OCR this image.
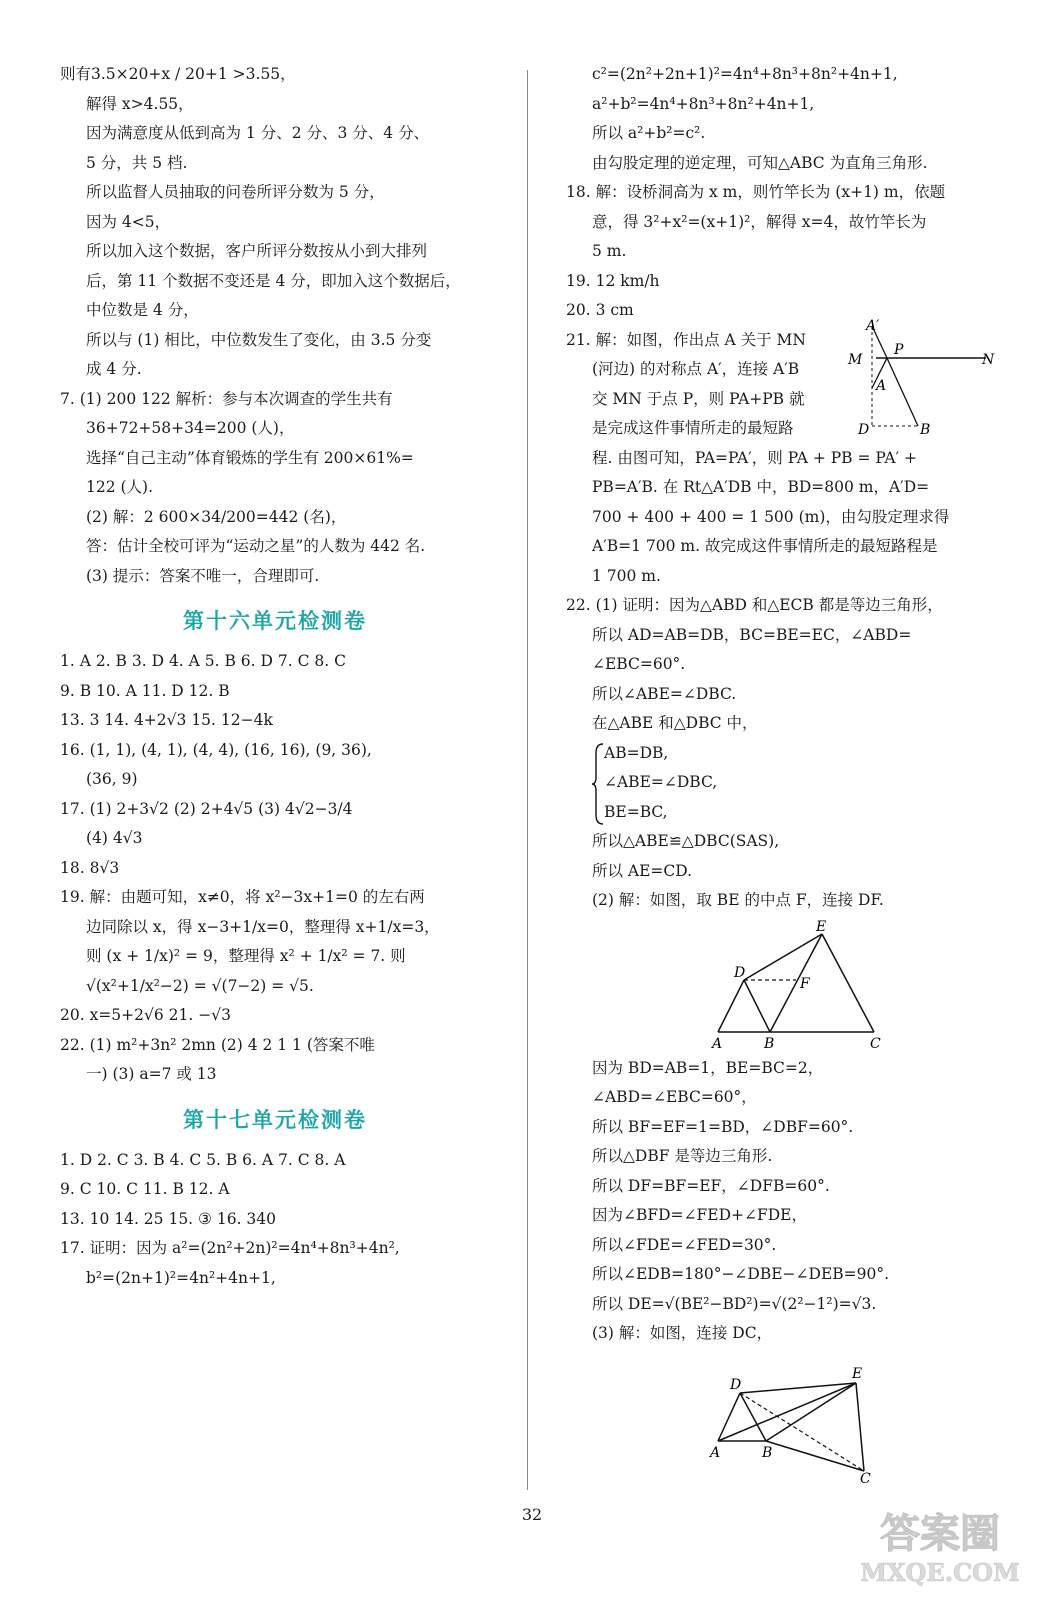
则有3.5×20+x / 20+1 >3.55，
解得 x>4.55，
因为满意度从低到高为 1 分、2 分、3 分、4 分、
5 分，共 5 档.
所以监督人员抽取的问卷所评分数为 5 分，
因为 4<5，
所以加入这个数据，客户所评分数按从小到大排列
后，第 11 个数据不变还是 4 分，即加入这个数据后，
中位数是 4 分，
所以与 (1) 相比，中位数发生了变化，由 3.5 分变
成 4 分.
7. (1) 200 122 解析：参与本次调查的学生共有
36+72+58+34=200 (人)，
选择“自己主动”体育锻炼的学生有 200×61%=
122 (人).
(2) 解：2 600×34/200=442 (名)，
答：估计全校可评为“运动之星”的人数为 442 名.
(3) 提示：答案不唯一，合理即可.
第十六单元检测卷
1. A 2. B 3. D 4. A 5. B 6. D 7. C 8. C
9. B 10. A 11. D 12. B
13. 3 14. 4+2√3 15. 12−4k
16. (1, 1), (4, 1), (4, 4), (16, 16), (9, 36),
(36, 9)
17. (1) 2+3√2 (2) 2+4√5 (3) 4√2−3/4
(4) 4√3
18. 8√3
19. 解：由题可知，x≠0，将 x²−3x+1=0 的左右两
边同除以 x，得 x−3+1/x=0，整理得 x+1/x=3，
则 (x + 1/x)² = 9，整理得 x² + 1/x² = 7. 则
√(x²+1/x²−2) = √(7−2) = √5.
20. x=5+2√6 21. −√3
22. (1) m²+3n² 2mn (2) 4 2 1 1 (答案不唯
一) (3) a=7 或 13
第十七单元检测卷
1. D 2. C 3. B 4. C 5. B 6. A 7. C 8. A
9. C 10. C 11. B 12. A
13. 10 14. 25 15. ③ 16. 340
17. 证明：因为 a²=(2n²+2n)²=4n⁴+8n³+4n²,
b²=(2n+1)²=4n²+4n+1,
c²=(2n²+2n+1)²=4n⁴+8n³+8n²+4n+1,
a²+b²=4n⁴+8n³+8n²+4n+1,
所以 a²+b²=c².
由勾股定理的逆定理，可知△ABC 为直角三角形.
18. 解：设桥洞高为 x m，则竹竿长为 (x+1) m，依题
意，得 3²+x²=(x+1)²，解得 x=4，故竹竿长为
5 m.
19. 12 km/h
20. 3 cm
21. 解：如图，作出点 A 关于 MN
(河边) 的对称点 A′，连接 A′B
交 MN 于点 P，则 PA+PB 就
是完成这件事情所走的最短路
程. 由图可知，PA=PA′，则 PA + PB = PA′ +
PB=A′B. 在 Rt△A′DB 中，BD=800 m，A′D=
700 + 400 + 400 = 1 500 (m)，由勾股定理求得
A′B=1 700 m. 故完成这件事情所走的最短路程是
1 700 m.
A′
P
M	N
A
D	B
22. (1) 证明：因为△ABD 和△ECB 都是等边三角形，
所以 AD=AB=DB，BC=BE=EC，∠ABD=
∠EBC=60°.
所以∠ABE=∠DBC.
在△ABE 和△DBC 中，
AB=DB,
∠ABE=∠DBC,
BE=BC,
所以△ABE≌△DBC(SAS),
所以 AE=CD.
(2) 解：如图，取 BE 的中点 F，连接 DF.
E
D
F
A	B	C
因为 BD=AB=1，BE=BC=2，
∠ABD=∠EBC=60°，
所以 BF=EF=1=BD，∠DBF=60°.
所以△DBF 是等边三角形.
所以 DF=BF=EF，∠DFB=60°.
因为∠BFD=∠FED+∠FDE，
所以∠FDE=∠FED=30°.
所以∠EDB=180°−∠DBE−∠DEB=90°.
所以 DE=√(BE²−BD²)=√(2²−1²)=√3.
(3) 解：如图，连接 DC，
D
E
A	B
C
32	答案圈
MXQE.COM
